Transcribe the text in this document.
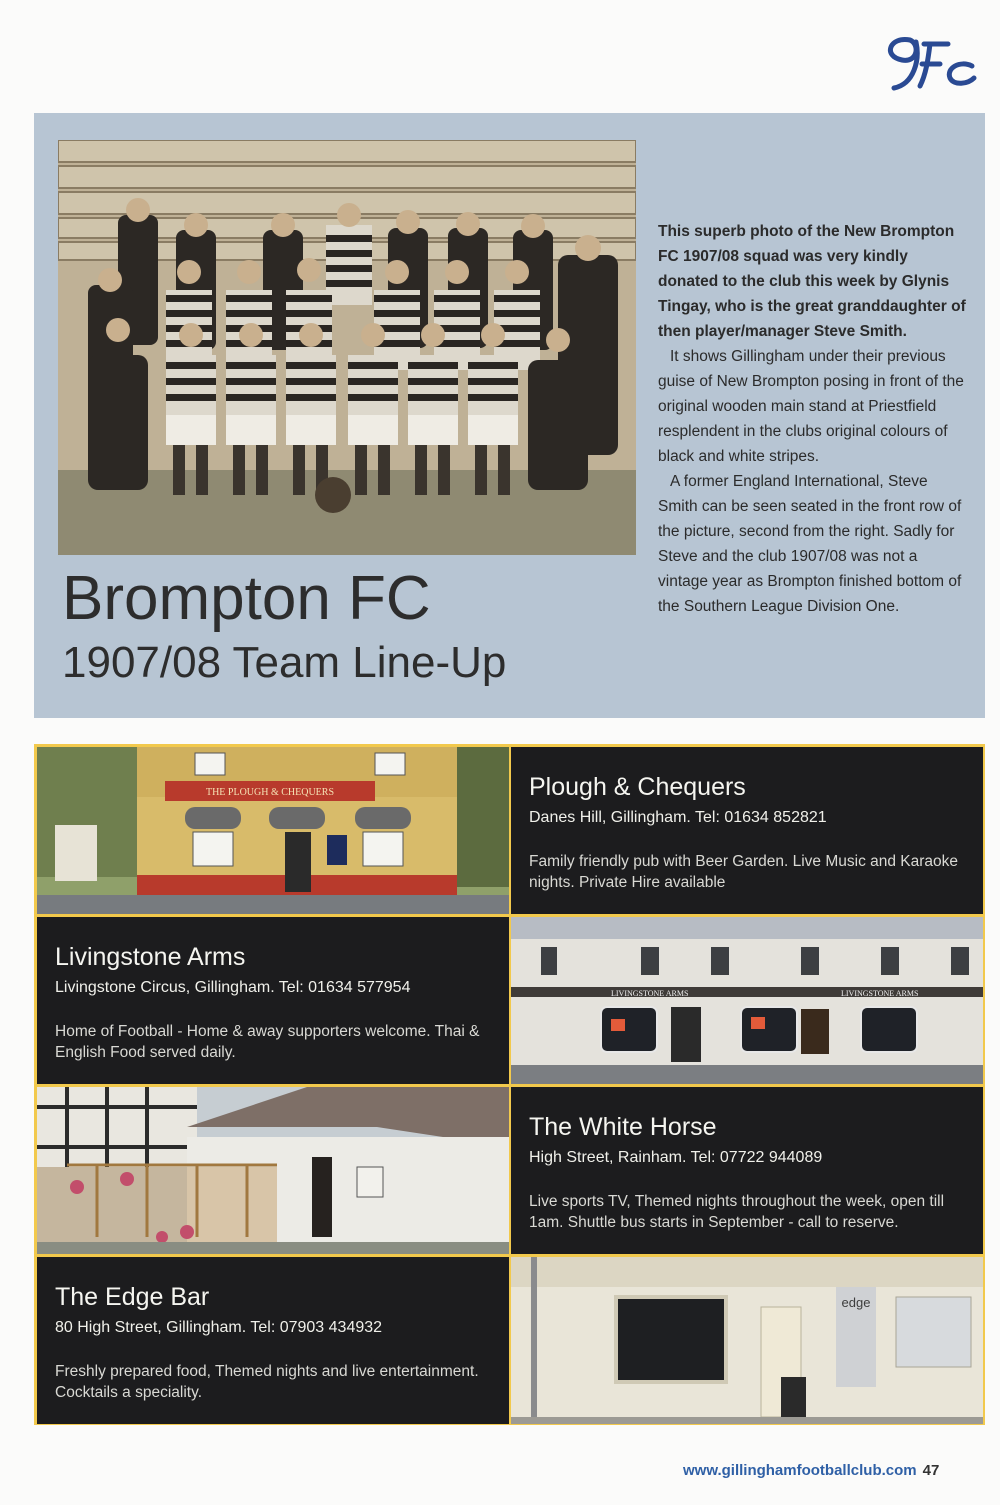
Brompton FC
1907/08 Team Line-Up

This superb photo of the New Brompton FC 1907/08 squad was very kindly donated to the club this week by Glynis Tingay, who is the great granddaughter of then player/manager Steve Smith.

It shows Gillingham under their previous guise of New Brompton posing in front of the original wooden main stand at Priestfield resplendent in the clubs original colours of black and white stripes.

A former England International, Steve Smith can be seen seated in the front row of the picture, second from the right. Sadly for Steve and the club 1907/08 was not a vintage year as Brompton finished bottom of the Southern League Division One.

THE PLOUGH & CHEQUERS	Plough & Chequers
Danes Hill, Gillingham. Tel: 01634 852821
Family friendly pub with Beer Garden. Live Music and Karaoke nights. Private Hire available
Livingstone Arms
Livingstone Circus, Gillingham. Tel: 01634 577954
Home of Football - Home & away supporters welcome. Thai & English Food served daily.
LIVINGSTONE ARMS	LIVINGSTONE ARMS
The White Horse
High Street, Rainham. Tel: 07722 944089
Live sports TV, Themed nights throughout the week, open till 1am. Shuttle bus starts in September - call to reserve.
The Edge Bar
80 High Street, Gillingham. Tel: 07903 434932
Freshly prepared food, Themed nights and live entertainment. Cocktails a speciality.
edge
www.gillinghamfootballclub.com 47
